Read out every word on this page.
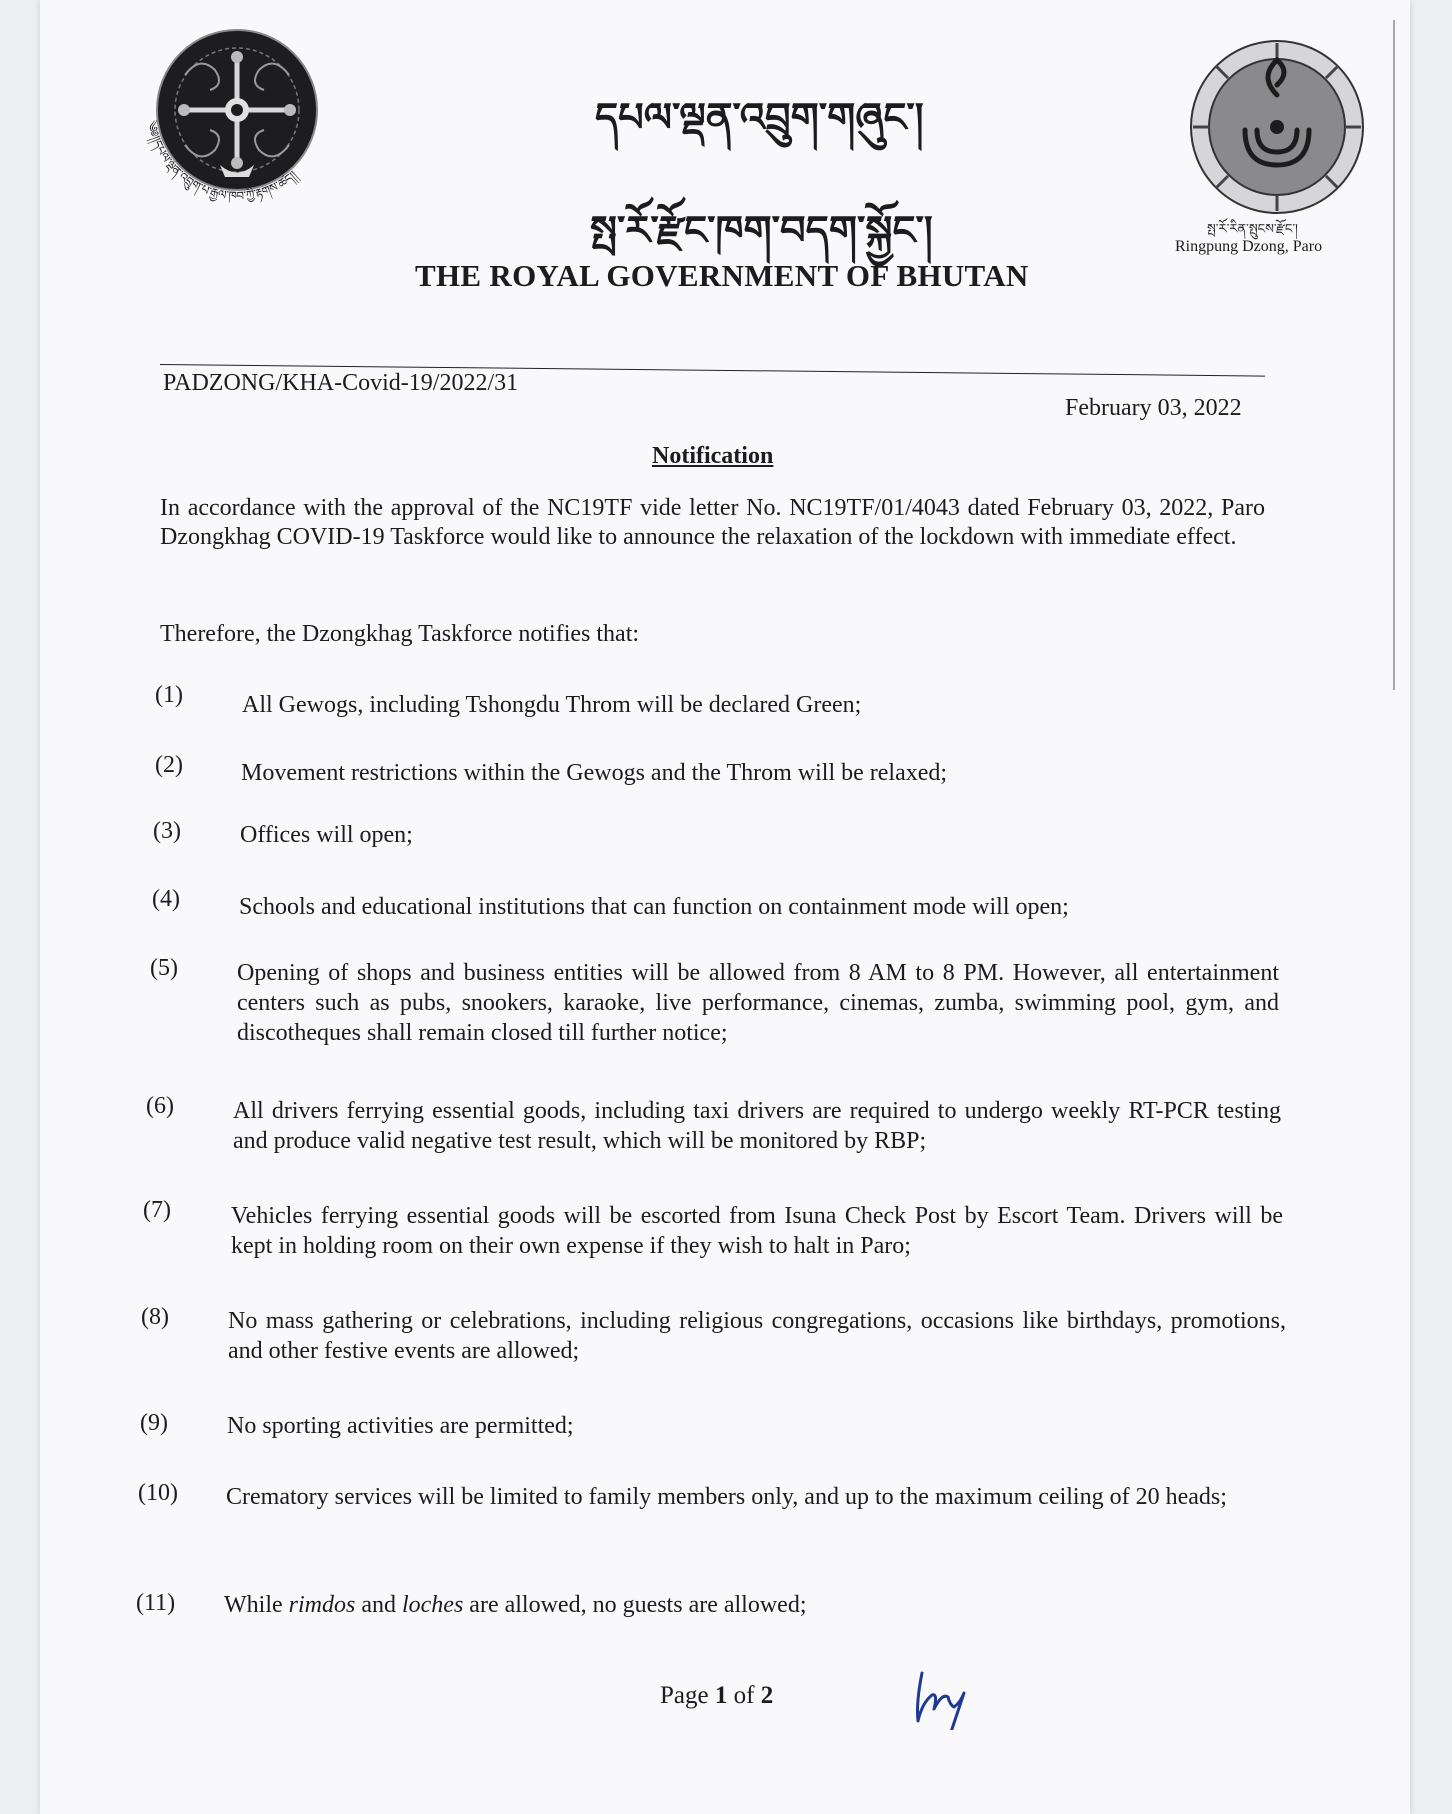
༄༅།།དཔལ་ལྡན་འབྲུག་པ་རྒྱལ་ཁབ་ཀྱི་རྟགས་ཚད།།
དཔལ་ལྡན་འབྲུག་གཞུང་།
སྤ་རོ་རྫོང་ཁག་བདག་སྐྱོང་།	སྤ་རོ་རིན་སྤུངས་རྫོང་།
Ringpung Dzong, Paro
THE ROYAL GOVERNMENT OF BHUTAN
PADZONG/KHA-Covid-19/2022/31
February 03, 2022
Notification
In accordance with the approval of the NC19TF vide letter No. NC19TF/01/4043 dated February 03, 2022, Paro Dzongkhag COVID-19 Taskforce would like to announce the relaxation of the lockdown with immediate effect.
Therefore, the Dzongkhag Taskforce notifies that:
(1)	All Gewogs, including Tshongdu Throm will be declared Green;
(2)	Movement restrictions within the Gewogs and the Throm will be relaxed;
(3)	Offices will open;
(4)	Schools and educational institutions that can function on containment mode will open;
(5)	Opening of shops and business entities will be allowed from 8 AM to 8 PM. However, all entertainment centers such as pubs, snookers, karaoke, live performance, cinemas, zumba, swimming pool, gym, and discotheques shall remain closed till further notice;
(6)	All drivers ferrying essential goods, including taxi drivers are required to undergo weekly RT-PCR testing and produce valid negative test result, which will be monitored by RBP;
(7)	Vehicles ferrying essential goods will be escorted from Isuna Check Post by Escort Team. Drivers will be kept in holding room on their own expense if they wish to halt in Paro;
(8)	No mass gathering or celebrations, including religious congregations, occasions like birthdays, promotions, and other festive events are allowed;
(9)	No sporting activities are permitted;
(10)	Crematory services will be limited to family members only, and up to the maximum ceiling of 20 heads;
(11)	While rimdos and loches are allowed, no guests are allowed;
Page 1 of 2
